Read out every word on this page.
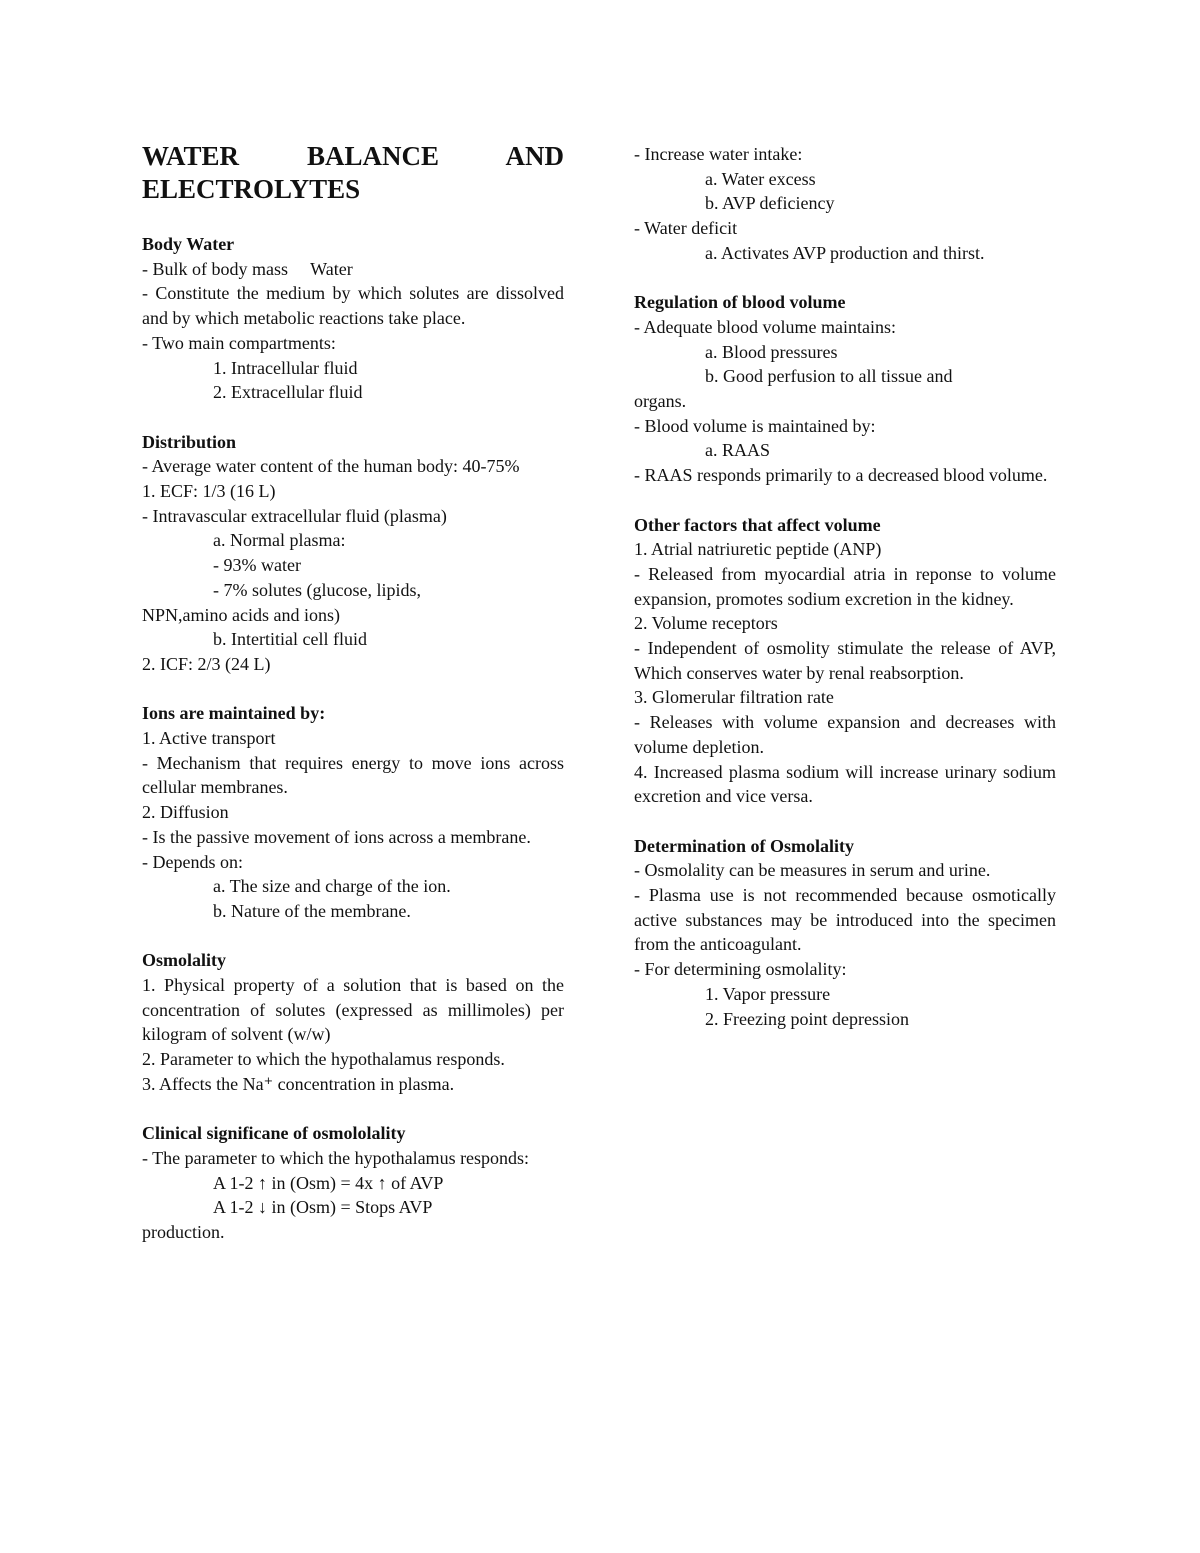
WATER BALANCE AND ELECTROLYTES
Body Water
- Bulk of body mass     Water
- Constitute the medium by which solutes are dissolved and by which metabolic reactions take place.
- Two main compartments:
1. Intracellular fluid
2. Extracellular fluid
Distribution
- Average water content of the human body: 40-75%
1. ECF: 1/3 (16 L)
- Intravascular extracellular fluid (plasma)
a. Normal plasma:
- 93% water
- 7% solutes (glucose, lipids,
NPN,amino acids and ions)
b. Intertitial cell fluid
2. ICF: 2/3 (24 L)
Ions are maintained by:
1. Active transport
- Mechanism that requires energy to move ions across cellular membranes.
2. Diffusion
- Is the passive movement of ions across a membrane.
- Depends on:
a. The size and charge of the ion.
b. Nature of the membrane.
Osmolality
1. Physical property of a solution that is based on the concentration of solutes (expressed as millimoles) per kilogram of solvent (w/w)
2. Parameter to which the hypothalamus responds.
3. Affects the Na⁺ concentration in plasma.
Clinical significane of osmololality
- The parameter to which the hypothalamus responds:
A 1-2 ↑ in (Osm) = 4x ↑ of AVP
A 1-2 ↓ in (Osm) = Stops AVP
production.
- Increase water intake:
a. Water excess
b. AVP deficiency
- Water deficit
a. Activates AVP production and thirst.
Regulation of blood volume
- Adequate blood volume maintains:
a. Blood pressures
b. Good perfusion to all tissue and
organs.
- Blood volume is maintained by:
a. RAAS
- RAAS responds primarily to a decreased blood volume.
Other factors that affect volume
1. Atrial natriuretic peptide (ANP)
- Released from myocardial atria in reponse to volume expansion, promotes sodium excretion in the kidney.
2. Volume receptors
- Independent of osmolity stimulate the release of AVP, Which conserves water by renal reabsorption.
3. Glomerular filtration rate
- Releases with volume expansion and decreases with volume depletion.
4. Increased plasma sodium will increase urinary sodium excretion and vice versa.
Determination of Osmolality
- Osmolality can be measures in serum and urine.
- Plasma use is not recommended because osmotically active substances may be introduced into the specimen from the anticoagulant.
- For determining osmolality:
1. Vapor pressure
2. Freezing point depression
